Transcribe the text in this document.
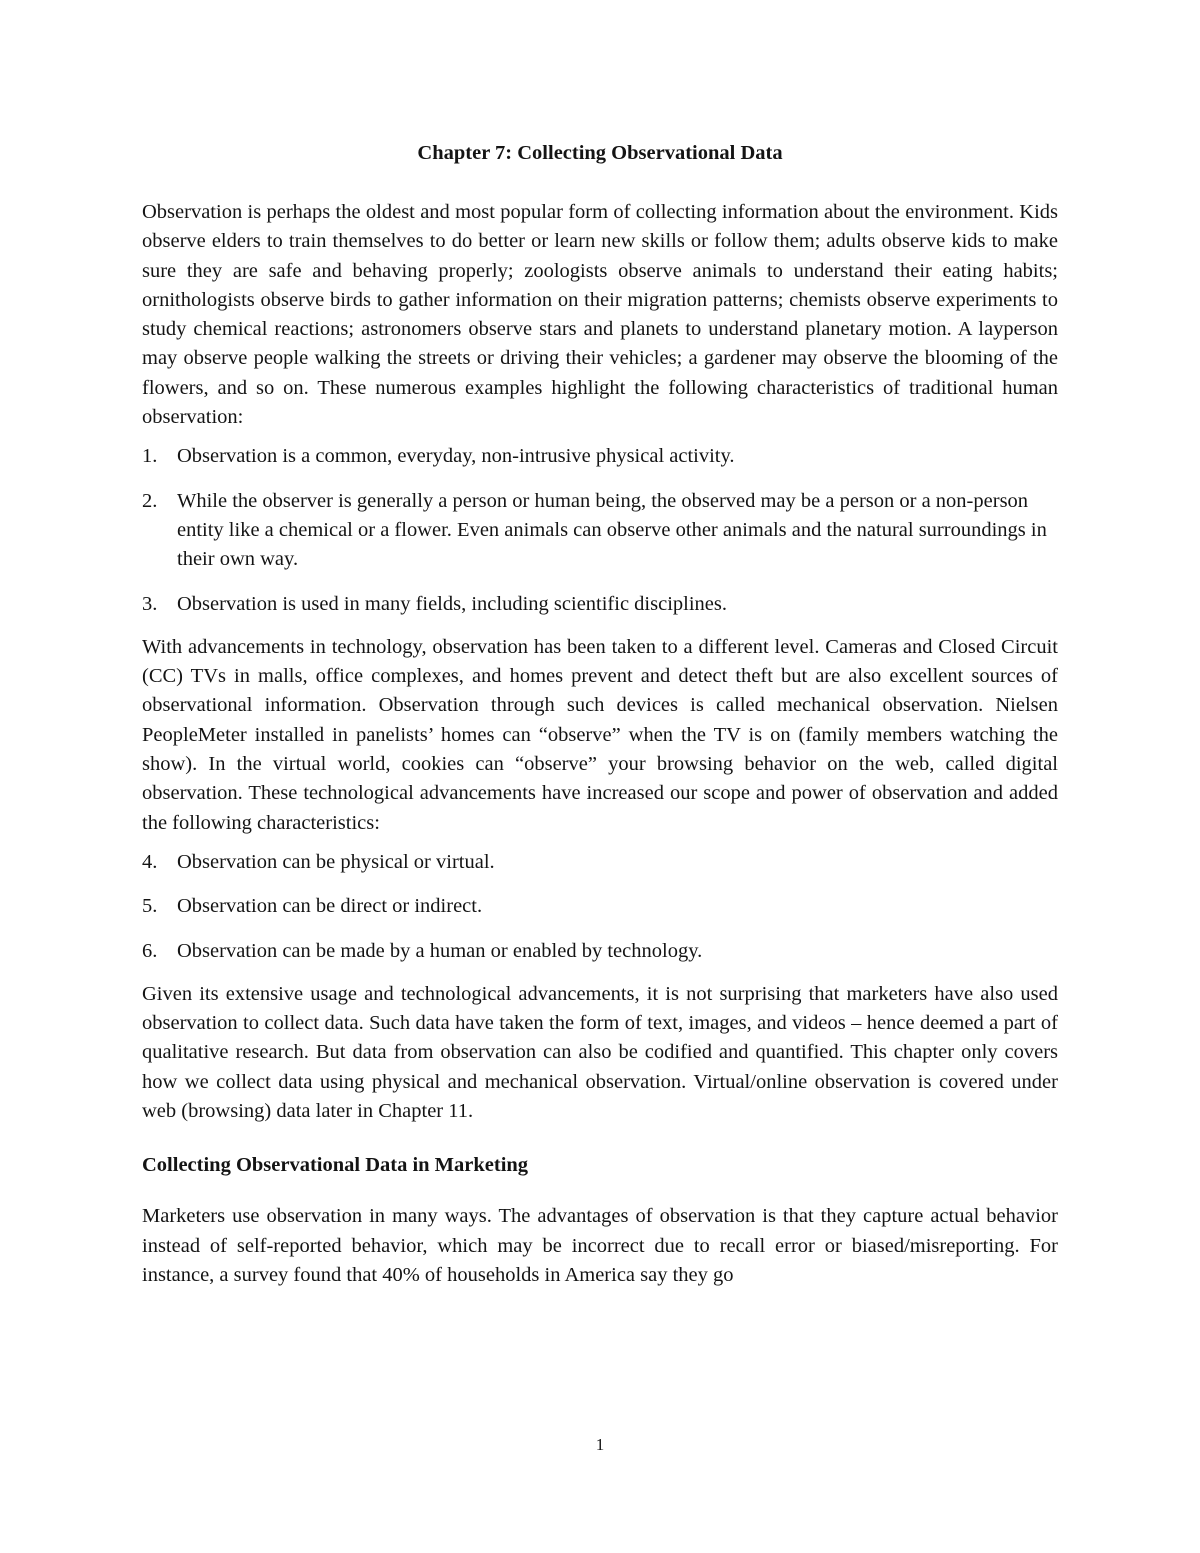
Chapter 7: Collecting Observational Data

Observation is perhaps the oldest and most popular form of collecting information about the environment. Kids observe elders to train themselves to do better or learn new skills or follow them; adults observe kids to make sure they are safe and behaving properly; zoologists observe animals to understand their eating habits; ornithologists observe birds to gather information on their migration patterns; chemists observe experiments to study chemical reactions; astronomers observe stars and planets to understand planetary motion. A layperson may observe people walking the streets or driving their vehicles; a gardener may observe the blooming of the flowers, and so on. These numerous examples highlight the following characteristics of traditional human observation:

1. Observation is a common, everyday, non-intrusive physical activity.
2. While the observer is generally a person or human being, the observed may be a person or a non-person entity like a chemical or a flower. Even animals can observe other animals and the natural surroundings in their own way.
3. Observation is used in many fields, including scientific disciplines.

With advancements in technology, observation has been taken to a different level. Cameras and Closed Circuit (CC) TVs in malls, office complexes, and homes prevent and detect theft but are also excellent sources of observational information. Observation through such devices is called mechanical observation. Nielsen PeopleMeter installed in panelists’ homes can “observe” when the TV is on (family members watching the show). In the virtual world, cookies can “observe” your browsing behavior on the web, called digital observation. These technological advancements have increased our scope and power of observation and added the following characteristics:

4. Observation can be physical or virtual.
5. Observation can be direct or indirect.
6. Observation can be made by a human or enabled by technology.

Given its extensive usage and technological advancements, it is not surprising that marketers have also used observation to collect data. Such data have taken the form of text, images, and videos – hence deemed a part of qualitative research. But data from observation can also be codified and quantified. This chapter only covers how we collect data using physical and mechanical observation. Virtual/online observation is covered under web (browsing) data later in Chapter 11.

Collecting Observational Data in Marketing

Marketers use observation in many ways. The advantages of observation is that they capture actual behavior instead of self-reported behavior, which may be incorrect due to recall error or biased/misreporting. For instance, a survey found that 40% of households in America say they go

1
